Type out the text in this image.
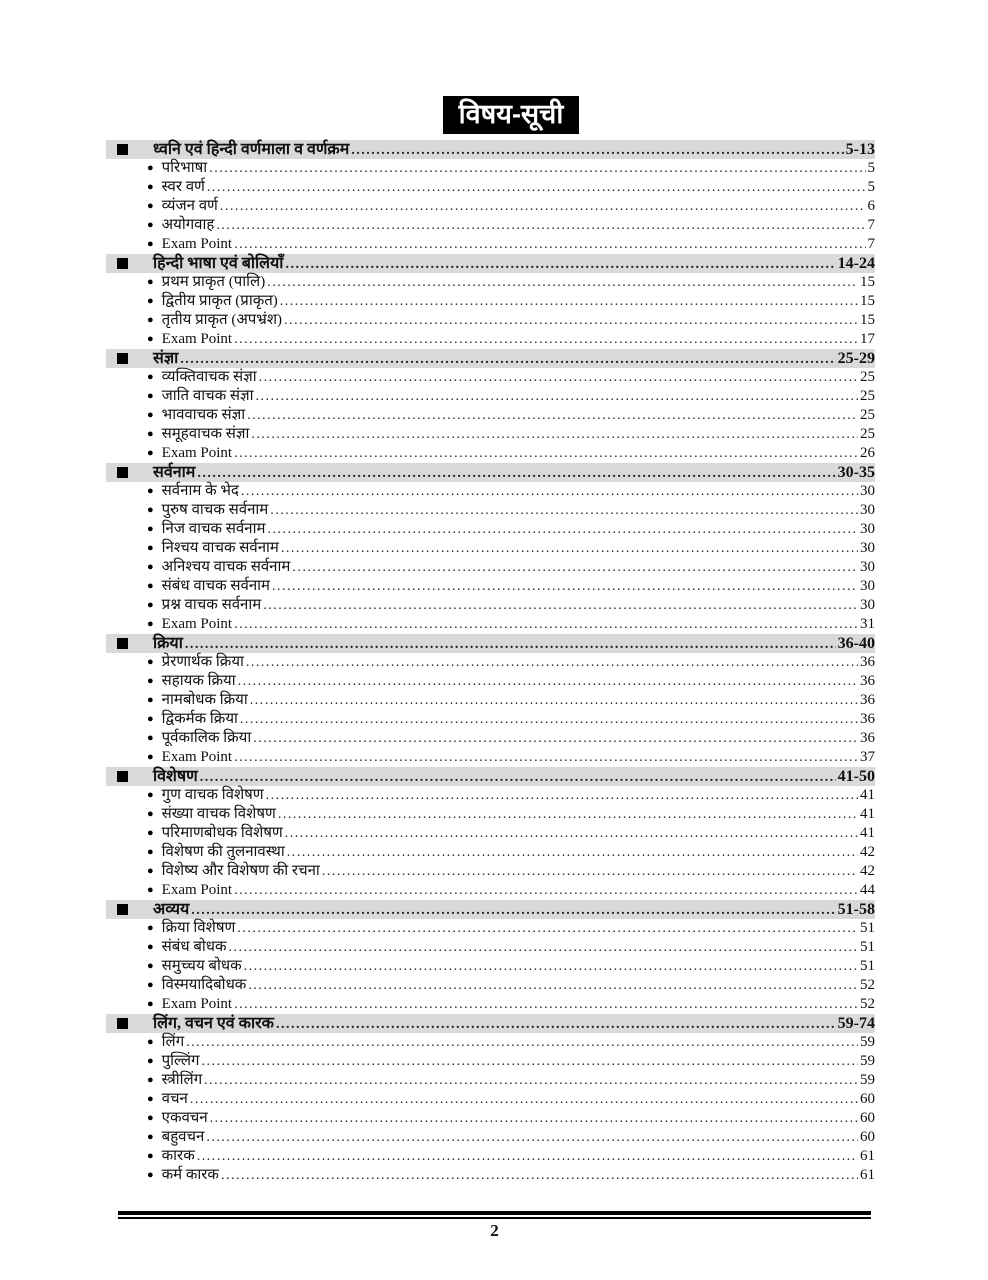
विषय-सूची
ध्वनि एवं हिन्दी वर्णमाला व वर्णक्रम .....	5-13
● परिभाषा .....	5
● स्वर वर्ण .....	5
● व्यंजन वर्ण .....	6
● अयोगवाह .....	7
● Exam Point .....	7
हिन्दी भाषा एवं बोलियाँ .....	14-24
● प्रथम प्राकृत (पालि) .....	15
● द्वितीय प्राकृत (प्राकृत) .....	15
● तृतीय प्राकृत (अपभ्रंश) .....	15
● Exam Point .....	17
संज्ञा .....	25-29
● व्यक्तिवाचक संज्ञा .....	25
● जाति वाचक संज्ञा .....	25
● भाववाचक संज्ञा .....	25
● समूहवाचक संज्ञा .....	25
● Exam Point .....	26
सर्वनाम .....	30-35
● सर्वनाम के भेद .....	30
● पुरुष वाचक सर्वनाम .....	30
● निज वाचक सर्वनाम .....	30
● निश्चय वाचक सर्वनाम .....	30
● अनिश्चय वाचक सर्वनाम .....	30
● संबंध वाचक सर्वनाम .....	30
● प्रश्न वाचक सर्वनाम .....	30
● Exam Point .....	31
क्रिया .....	36-40
● प्रेरणार्थक क्रिया .....	36
● सहायक क्रिया .....	36
● नामबोधक क्रिया .....	36
● द्विकर्मक क्रिया .....	36
● पूर्वकालिक क्रिया .....	36
● Exam Point .....	37
विशेषण .....	41-50
● गुण वाचक विशेषण .....	41
● संख्या वाचक विशेषण .....	41
● परिमाणबोधक विशेषण .....	41
● विशेषण की तुलनावस्था .....	42
● विशेष्य और विशेषण की रचना .....	42
● Exam Point .....	44
अव्यय .....	51-58
● क्रिया विशेषण .....	51
● संबंध बोधक .....	51
● समुच्चय बोधक .....	51
● विस्मयादिबोधक .....	52
● Exam Point .....	52
लिंग, वचन एवं कारक .....	59-74
● लिंग .....	59
● पुल्लिंग .....	59
● स्त्रीलिंग .....	59
● वचन .....	60
● एकवचन .....	60
● बहुवचन .....	60
● कारक .....	61
● कर्म कारक .....	61
2
